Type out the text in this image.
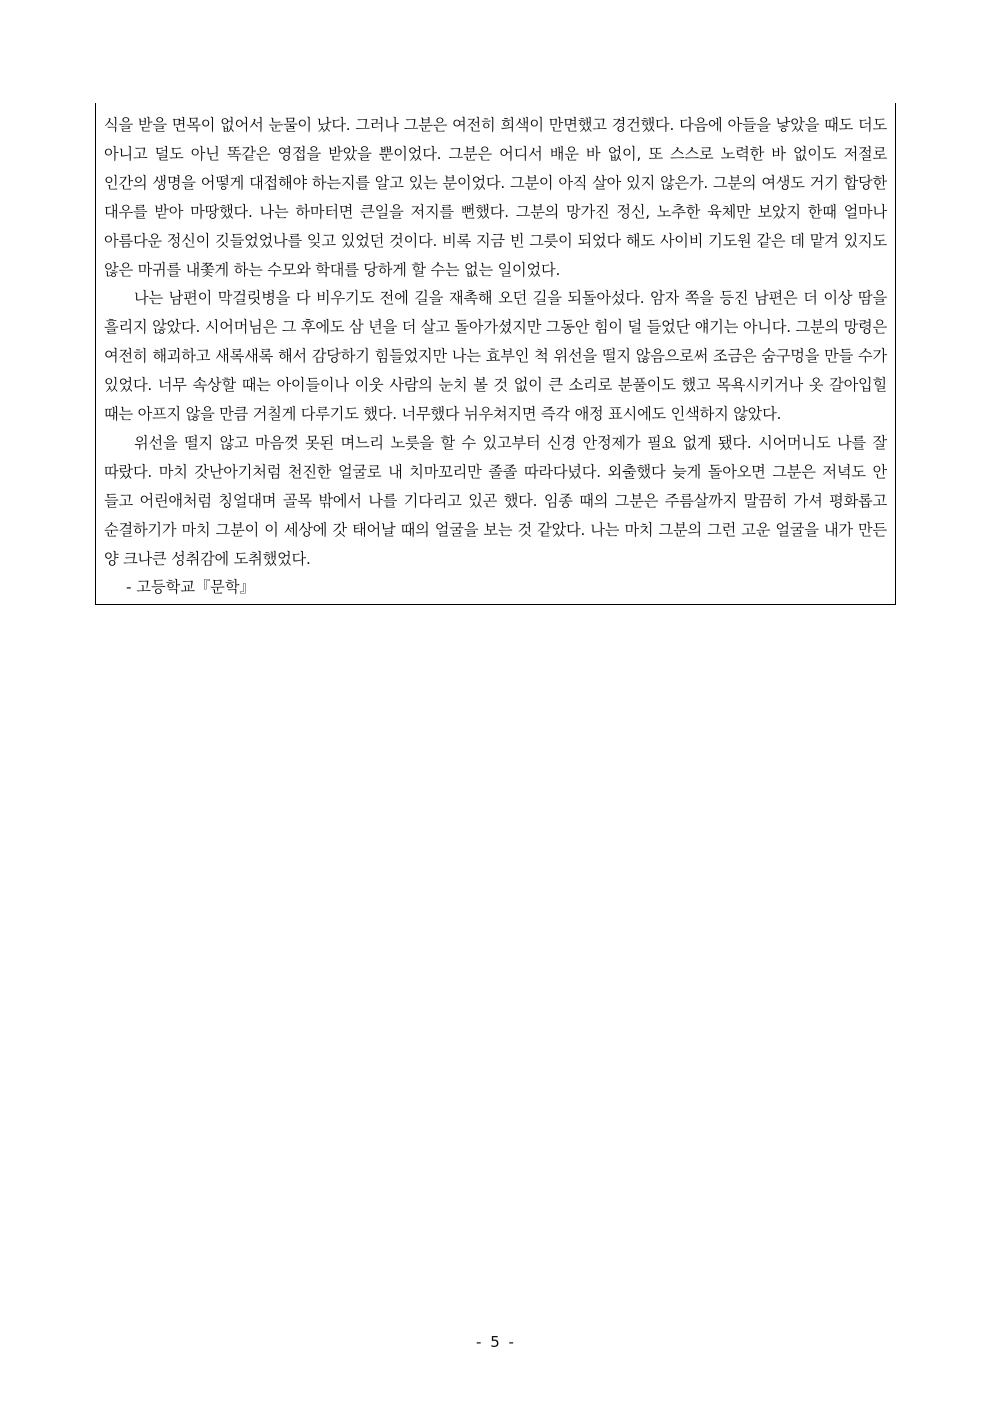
식을 받을 면목이 없어서 눈물이 났다. 그러나 그분은 여전히 희색이 만면했고 경건했다. 다음에 아들을 낳았을 때도 더도 아니고 덜도 아닌 똑같은 영접을 받았을 뿐이었다. 그분은 어디서 배운 바 없이, 또 스스로 노력한 바 없이도 저절로 인간의 생명을 어떻게 대접해야 하는지를 알고 있는 분이었다. 그분이 아직 살아 있지 않은가. 그분의 여생도 거기 합당한 대우를 받아 마땅했다. 나는 하마터면 큰일을 저지를 뻔했다. 그분의 망가진 정신, 노추한 육체만 보았지 한때 얼마나 아름다운 정신이 깃들었었나를 잊고 있었던 것이다. 비록 지금 빈 그릇이 되었다 해도 사이비 기도원 같은 데 맡겨 있지도 않은 마귀를 내쫓게 하는 수모와 학대를 당하게 할 수는 없는 일이었다.

나는 남편이 막걸릿병을 다 비우기도 전에 길을 재촉해 오던 길을 되돌아섰다. 암자 쪽을 등진 남편은 더 이상 땀을 흘리지 않았다. 시어머님은 그 후에도 삼 년을 더 살고 돌아가셨지만 그동안 힘이 덜 들었단 얘기는 아니다. 그분의 망령은 여전히 해괴하고 새록새록 해서 감당하기 힘들었지만 나는 효부인 척 위선을 떨지 않음으로써 조금은 숨구멍을 만들 수가 있었다. 너무 속상할 때는 아이들이나 이웃 사람의 눈치 볼 것 없이 큰 소리로 분풀이도 했고 목욕시키거나 옷 갈아입힐 때는 아프지 않을 만큼 거칠게 다루기도 했다. 너무했다 뉘우쳐지면 즉각 애정 표시에도 인색하지 않았다.

위선을 떨지 않고 마음껏 못된 며느리 노릇을 할 수 있고부터 신경 안정제가 필요 없게 됐다. 시어머니도 나를 잘 따랐다. 마치 갓난아기처럼 천진한 얼굴로 내 치마꼬리만 졸졸 따라다녔다. 외출했다 늦게 돌아오면 그분은 저녁도 안 들고 어린애처럼 칭얼대며 골목 밖에서 나를 기다리고 있곤 했다. 임종 때의 그분은 주름살까지 말끔히 가셔 평화롭고 순결하기가 마치 그분이 이 세상에 갓 태어날 때의 얼굴을 보는 것 같았다. 나는 마치 그분의 그런 고운 얼굴을 내가 만든 양 크나큰 성취감에 도취했었다.

- 고등학교『문학』

- 5 -
